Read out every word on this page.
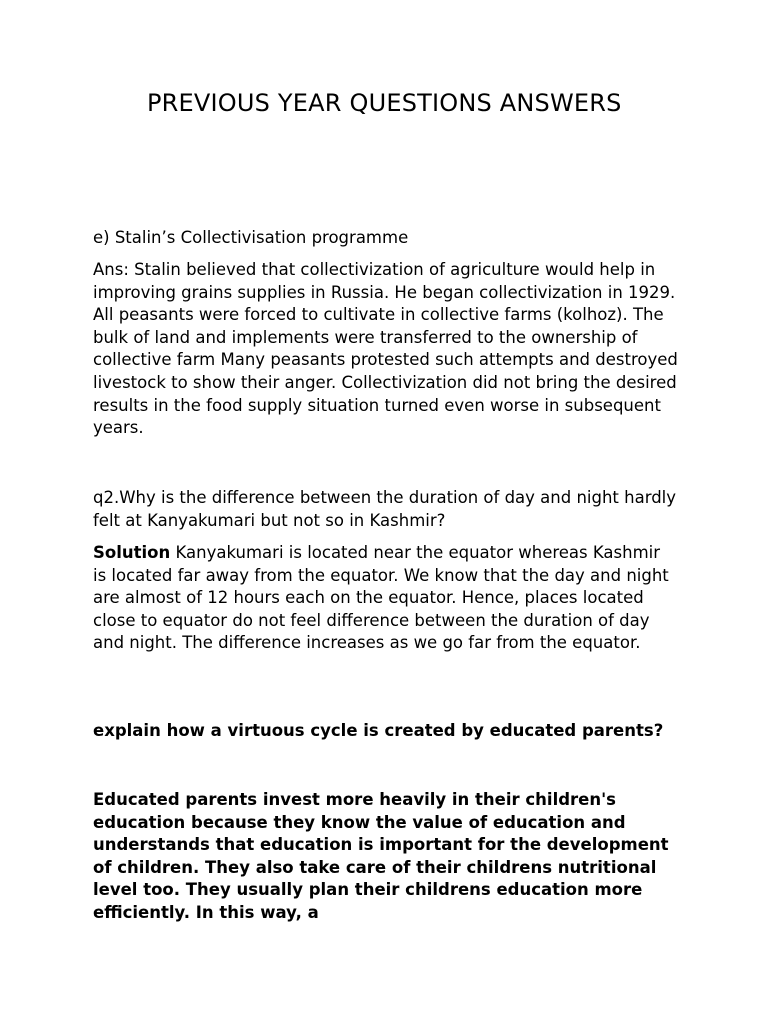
PREVIOUS YEAR QUESTIONS ANSWERS

e) Stalin’s Collectivisation programme

Ans: Stalin believed that collectivization of agriculture would help in improving grains supplies in Russia. He began collectivization in 1929. All peasants were forced to cultivate in collective farms (kolhoz). The bulk of land and implements were transferred to the ownership of collective farm Many peasants protested such attempts and destroyed livestock to show their anger. Collectivization did not bring the desired results in the food supply situation turned even worse in subsequent years.

q2.Why is the difference between the duration of day and night hardly felt at Kanyakumari but not so in Kashmir?

Solution Kanyakumari is located near the equator whereas Kashmir is located far away from the equator. We know that the day and night are almost of 12 hours each on the equator. Hence, places located close to equator do not feel difference between the duration of day and night. The difference increases as we go far from the equator.

explain how a virtuous cycle is created by educated parents?

Educated parents invest more heavily in their children's education because they know the value of education and understands that education is important for the development of children. They also take care of their childrens nutritional level too. They usually plan their childrens education more efficiently. In this way, a
